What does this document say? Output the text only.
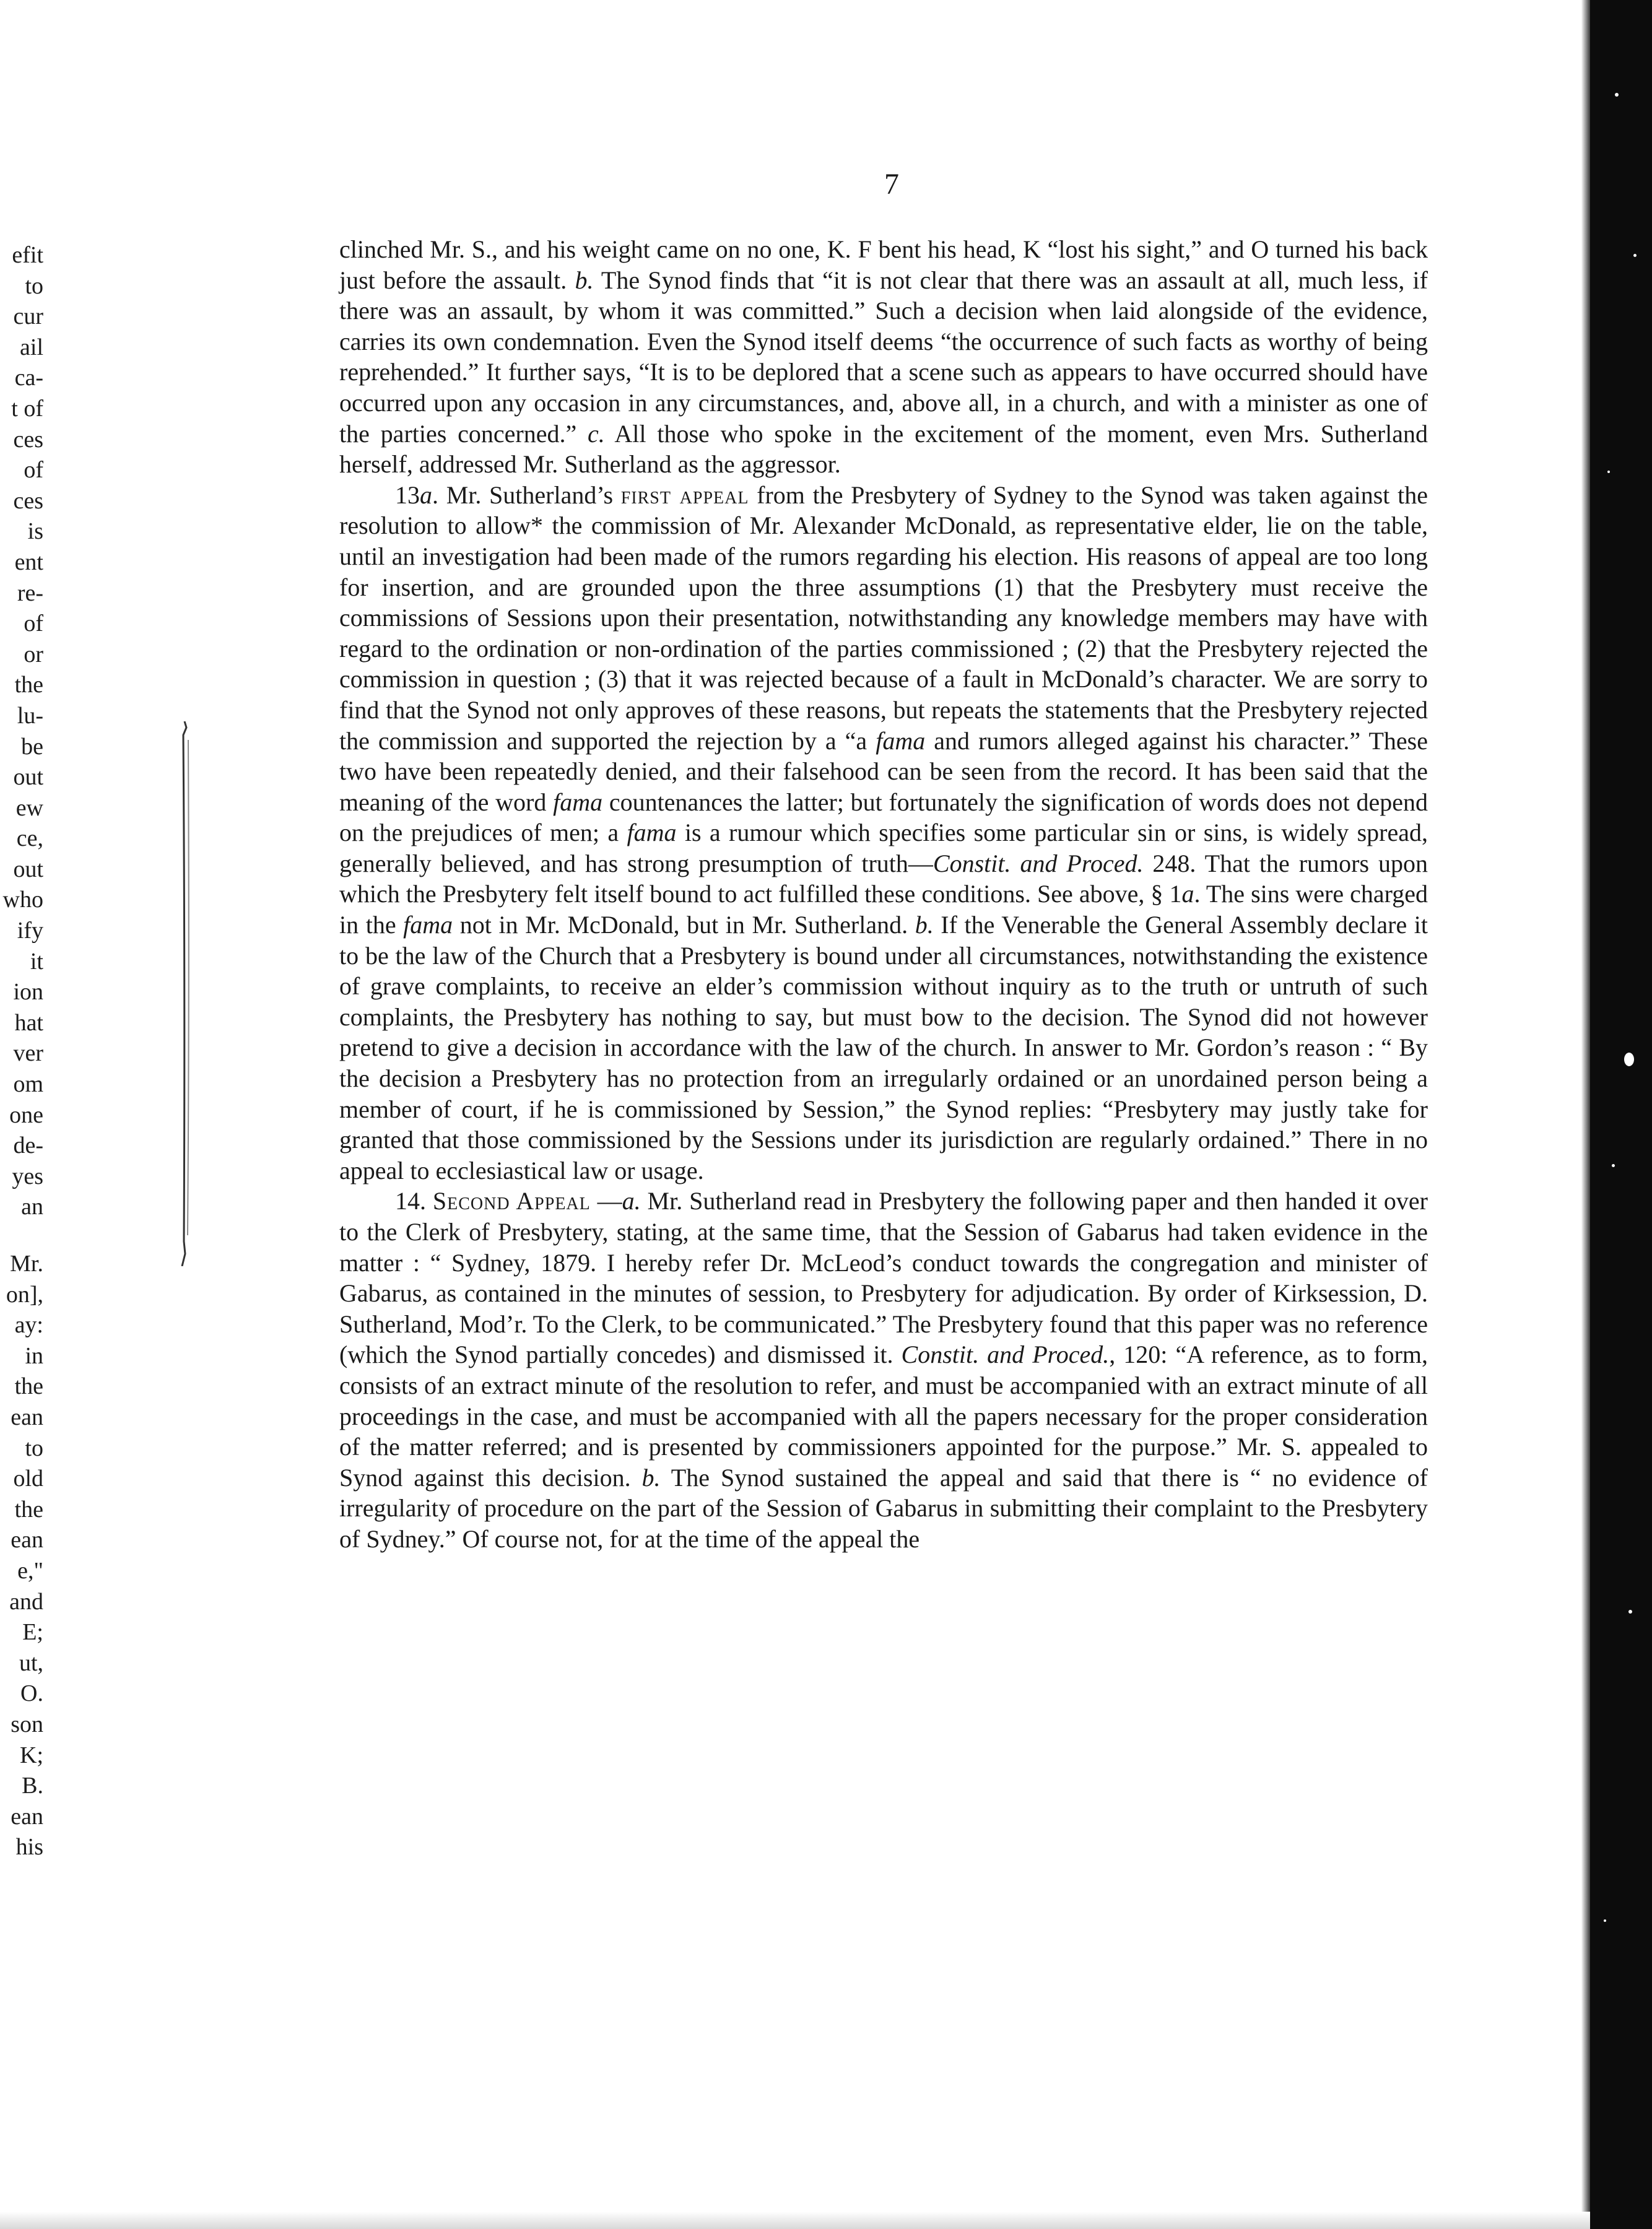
efit
to
cur
ail
ca-
t of
ces
of
ces
is
ent
re-
of
or
the
lu-
be
out
ew
ce,
out
who
ify
it
ion
hat
ver
om
one
de-
yes
an
Mr.
on],
ay:
in
the
ean
to
old
the
ean
e,"
and
E;
ut,
O.
son
K;
B.
ean
his
7

clinched Mr. S., and his weight came on no one, K. F bent his head, K “lost his sight,” and O turned his back just before the assault. b. The Synod finds that “it is not clear that there was an assault at all, much less, if there was an assault, by whom it was committed.” Such a decision when laid alongside of the evidence, carries its own condemnation. Even the Synod itself deems “the occurrence of such facts as worthy of being reprehended.” It further says, “It is to be deplored that a scene such as appears to have occurred should have occurred upon any occasion in any circumstances, and, above all, in a church, and with a minister as one of the parties concerned.” c. All those who spoke in the excitement of the moment, even Mrs. Sutherland herself, addressed Mr. Sutherland as the aggressor.

13a. Mr. Sutherland’s first appeal from the Presbytery of Sydney to the Synod was taken against the resolution to allow* the commission of Mr. Alexander McDonald, as representative elder, lie on the table, until an investigation had been made of the rumors regarding his election. His reasons of appeal are too long for insertion, and are grounded upon the three assumptions (1) that the Presbytery must receive the commissions of Sessions upon their presentation, notwithstanding any knowledge members may have with regard to the ordination or non-ordination of the parties commissioned ; (2) that the Presbytery rejected the commission in question ; (3) that it was rejected because of a fault in McDonald’s character. We are sorry to find that the Synod not only approves of these reasons, but repeats the statements that the Presbytery rejected the commission and supported the rejection by a “a fama and rumors alleged against his character.” These two have been repeatedly denied, and their falsehood can be seen from the record. It has been said that the meaning of the word fama countenances the latter; but fortunately the signification of words does not depend on the prejudices of men; a fama is a rumour which specifies some particular sin or sins, is widely spread, generally believed, and has strong presumption of truth—Constit. and Proced. 248. That the rumors upon which the Presbytery felt itself bound to act fulfilled these conditions. See above, § 1a. The sins were charged in the fama not in Mr. McDonald, but in Mr. Sutherland. b. If the Venerable the General Assembly declare it to be the law of the Church that a Presbytery is bound under all circumstances, notwithstanding the existence of grave complaints, to receive an elder’s commission without inquiry as to the truth or untruth of such complaints, the Presbytery has nothing to say, but must bow to the decision. The Synod did not however pretend to give a decision in accordance with the law of the church. In answer to Mr. Gordon’s reason : “ By the decision a Presbytery has no protection from an irregularly ordained or an unordained person being a member of court, if he is commissioned by Session,” the Synod replies: “Presbytery may justly take for granted that those commissioned by the Sessions under its jurisdiction are regularly ordained.” There in no appeal to ecclesiastical law or usage.

14. Second Appeal —a. Mr. Sutherland read in Presbytery the following paper and then handed it over to the Clerk of Presbytery, stating, at the same time, that the Session of Gabarus had taken evidence in the matter : “ Sydney, 1879. I hereby refer Dr. McLeod’s conduct towards the congregation and minister of Gabarus, as contained in the minutes of session, to Presbytery for adjudication. By order of Kirksession, D. Sutherland, Mod’r. To the Clerk, to be communicated.” The Presbytery found that this paper was no reference (which the Synod partially concedes) and dismissed it. Constit. and Proced., 120: “A reference, as to form, consists of an extract minute of the resolution to refer, and must be accompanied with an extract minute of all proceedings in the case, and must be accompanied with all the papers necessary for the proper consideration of the matter referred; and is presented by commissioners appointed for the purpose.” Mr. S. appealed to Synod against this decision. b. The Synod sustained the appeal and said that there is “ no evidence of irregularity of procedure on the part of the Session of Gabarus in submitting their complaint to the Presbytery of Sydney.” Of course not, for at the time of the appeal the
